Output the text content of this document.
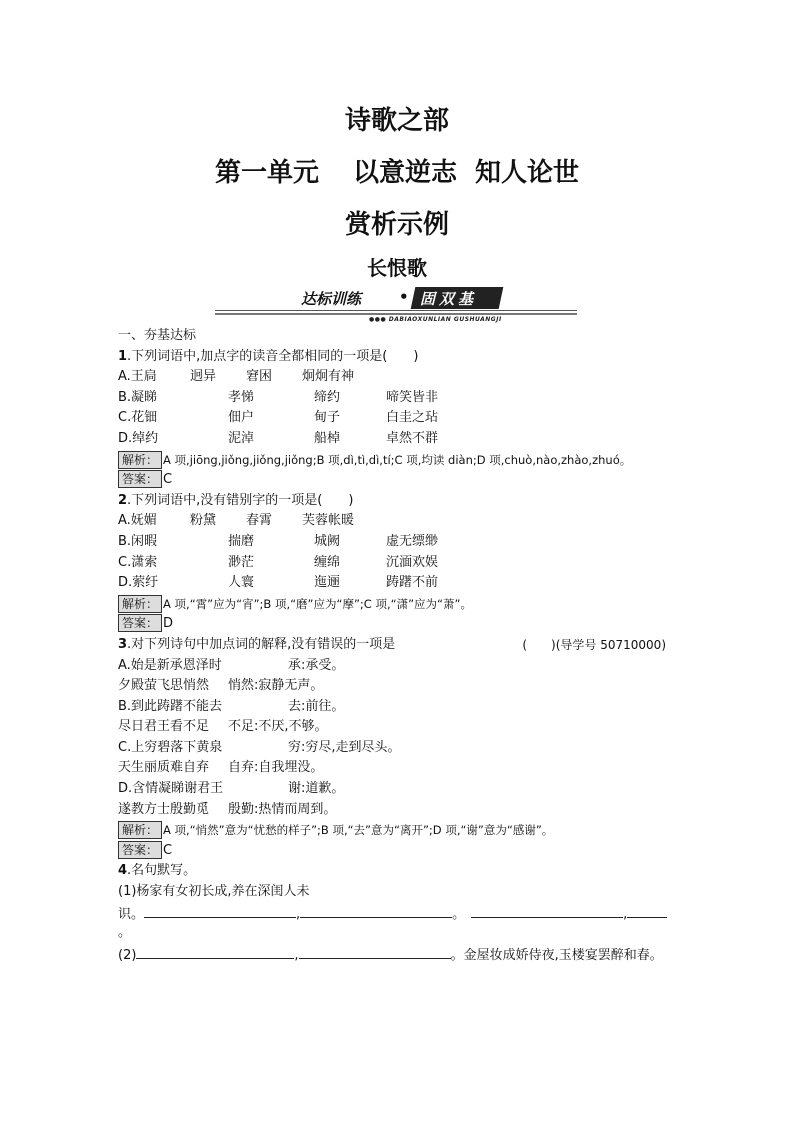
诗歌之部
第一单元 以意逆志 知人论世
赏析示例
长恨歌
达标训练	• 固双基
●●● DABIAOXUNLIAN GUSHUANGJI
一、夯基达标
1.下列词语中,加点字的读音全都相同的一项是(　　)
A.王扃	迥异 窘困 炯炯有神
B.凝睇	孝悌	缔约	啼笑皆非
C.花钿	佃户	甸子	白圭之玷
D.绰约	泥淖	船棹	卓然不群
解析： A 项,jiōng,jiǒng,jiǒng,jiǒng;B 项,dì,tì,dì,tí;C 项,均读 diàn;D 项,chuò,nào,zhào,zhuó。
答案： C
2.下列词语中,没有错别字的一项是(　　)
A.妩媚	粉黛 春霄 芙蓉帐暖
B.闲暇	揣磨	城阙	虚无缥缈
C.潇索	渺茫	缠绵	沉湎欢娱
D.萦纡	人寰	迤逦	踌躇不前
解析： A 项,“霄”应为“宵”;B 项,“磨”应为“摩”;C 项,“潇”应为“萧”。
答案： D
3.对下列诗句中加点词的解释,没有错误的一项是	(　　)(导学号 50710000)
A.始是新承恩泽时	承:承受。
夕殿萤飞思悄然 悄然:寂静无声。
B.到此踌躇不能去	去:前往。
尽日君王看不足 不足:不厌,不够。
C.上穷碧落下黄泉	穷:穷尽,走到尽头。
天生丽质难自弃 自弃:自我埋没。
D.含情凝睇谢君王	谢:道歉。
遂教方士殷勤觅 殷勤:热情而周到。
解析： A 项,“悄然”意为“忧愁的样子”;B 项,“去”意为“离开”;D 项,“谢”意为“感谢”。
答案： C
4.名句默写。
(1)杨家有女初长成,养在深闺人未
识。	,	。	,
。
(2)	,	。金屋妆成娇侍夜,玉楼宴罢醉和春。
